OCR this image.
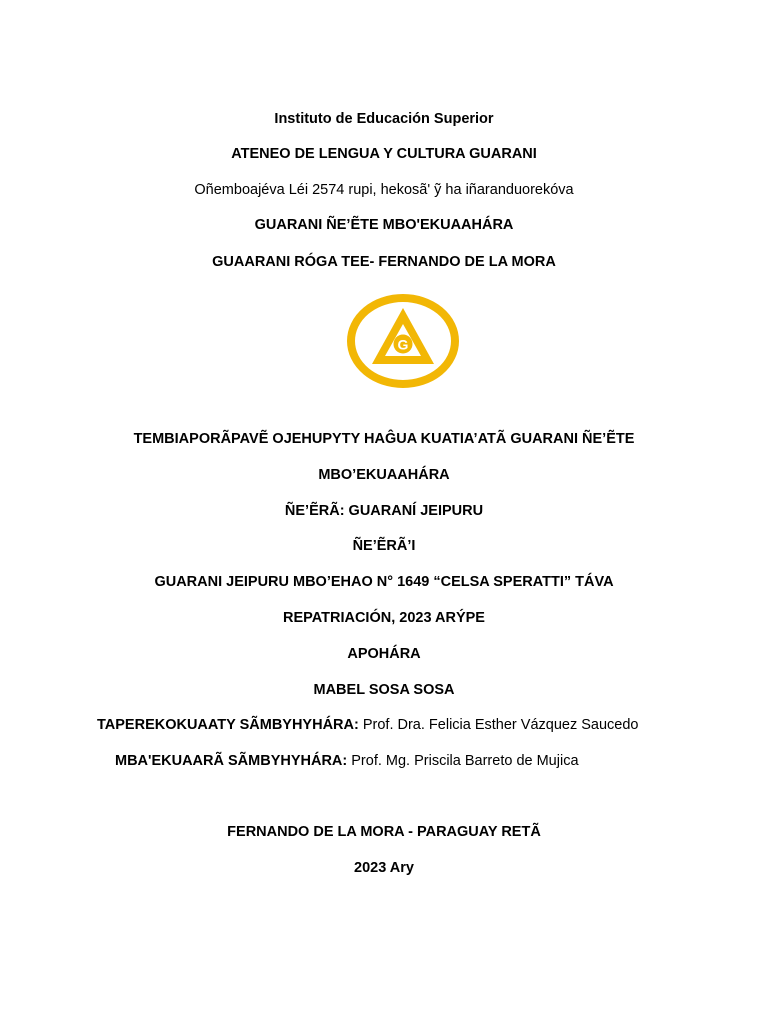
Instituto de Educación Superior
ATENEO DE LENGUA Y CULTURA GUARANI
Oñemboajéva Léi 2574 rupi, hekosã' ỹ ha iñaranduorekóva
GUARANI ÑE’ẼTE MBO'EKUAAHÁRA
GUAARANI RÓGA TEE- FERNANDO DE LA MORA
G
TEMBIAPORÃPAVẼ OJEHUPYTY HAĜUA KUATIA’ATÃ GUARANI ÑE’ẼTE
MBO’EKUAAHÁRA
ÑE’ẼRÃ: GUARANÍ JEIPURU
ÑE’ẼRÃ’I
GUARANI JEIPURU MBO’EHAO N° 1649 “CELSA SPERATTI” TÁVA
REPATRIACIÓN, 2023 ARÝPE
APOHÁRA
MABEL SOSA SOSA
TAPEREKOKUAATY SÃMBYHYHÁRA: Prof. Dra. Felicia Esther Vázquez Saucedo
MBA'EKUAARÃ SÃMBYHYHÁRA: Prof. Mg. Priscila Barreto de Mujica
FERNANDO DE LA MORA - PARAGUAY RETÃ
2023 Ary
